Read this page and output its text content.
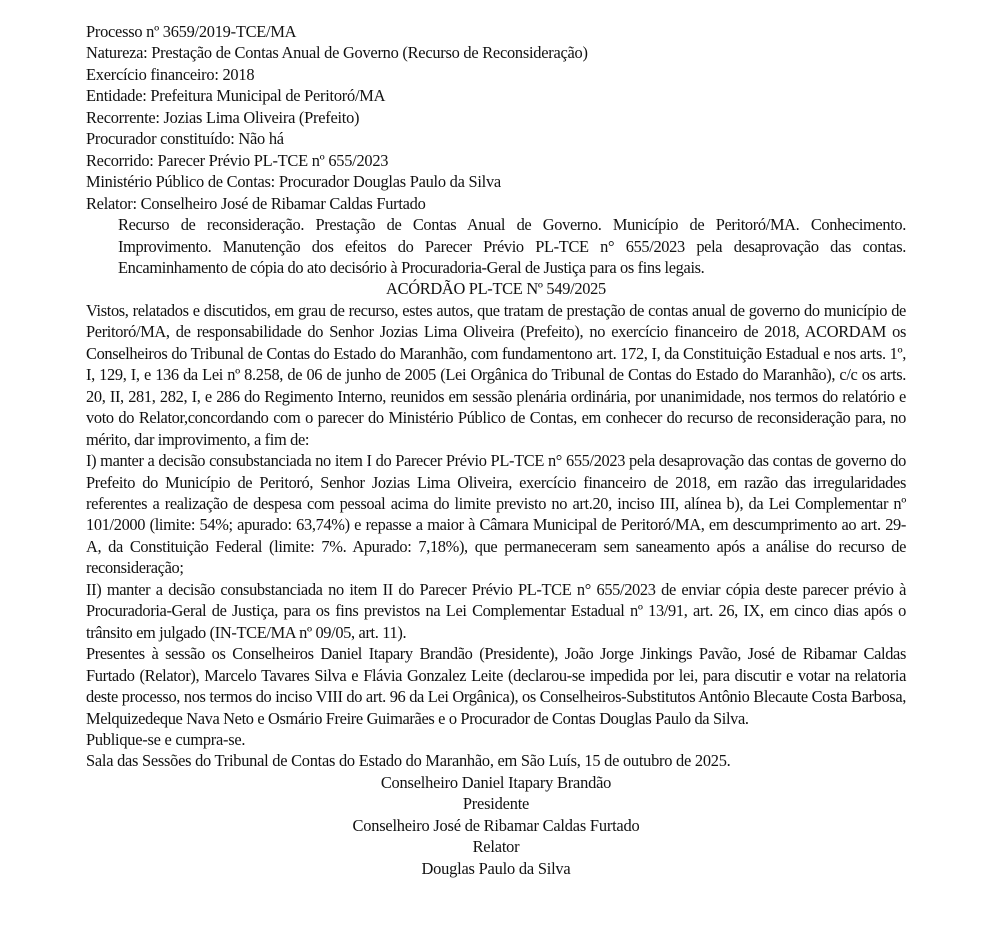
Processo nº 3659/2019-TCE/MA
Natureza: Prestação de Contas Anual de Governo (Recurso de Reconsideração)
Exercício financeiro: 2018
Entidade: Prefeitura Municipal de Peritoró/MA
Recorrente: Jozias Lima Oliveira (Prefeito)
Procurador constituído: Não há
Recorrido: Parecer Prévio PL-TCE nº 655/2023
Ministério Público de Contas: Procurador Douglas Paulo da Silva
Relator: Conselheiro José de Ribamar Caldas Furtado

Recurso de reconsideração. Prestação de Contas Anual de Governo. Município de Peritoró/MA. Conhecimento. Improvimento. Manutenção dos efeitos do Parecer Prévio PL-TCE n° 655/2023 pela desaprovação das contas. Encaminhamento de cópia do ato decisório à Procuradoria-Geral de Justiça para os fins legais.

ACÓRDÃO PL-TCE Nº 549/2025

Vistos, relatados e discutidos, em grau de recurso, estes autos, que tratam de prestação de contas anual de governo do município de Peritoró/MA, de responsabilidade do Senhor Jozias Lima Oliveira (Prefeito), no exercício financeiro de 2018, ACORDAM os Conselheiros do Tribunal de Contas do Estado do Maranhão, com fundamentono art. 172, I, da Constituição Estadual e nos arts. 1º, I, 129, I, e 136 da Lei nº 8.258, de 06 de junho de 2005 (Lei Orgânica do Tribunal de Contas do Estado do Maranhão), c/c os arts. 20, II, 281, 282, I, e 286 do Regimento Interno, reunidos em sessão plenária ordinária, por unanimidade, nos termos do relatório e voto do Relator,concordando com o parecer do Ministério Público de Contas, em conhecer do recurso de reconsideração para, no mérito, dar improvimento, a fim de:

I) manter a decisão consubstanciada no item I do Parecer Prévio PL-TCE n° 655/2023 pela desaprovação das contas de governo do Prefeito do Município de Peritoró, Senhor Jozias Lima Oliveira, exercício financeiro de 2018, em razão das irregularidades referentes a realização de despesa com pessoal acima do limite previsto no art.20, inciso III, alínea b), da Lei Complementar nº 101/2000 (limite: 54%; apurado: 63,74%) e repasse a maior à Câmara Municipal de Peritoró/MA, em descumprimento ao art. 29-A, da Constituição Federal (limite: 7%. Apurado: 7,18%), que permaneceram sem saneamento após a análise do recurso de reconsideração;

II) manter a decisão consubstanciada no item II do Parecer Prévio PL-TCE n° 655/2023 de enviar cópia deste parecer prévio à Procuradoria-Geral de Justiça, para os fins previstos na Lei Complementar Estadual nº 13/91, art. 26, IX, em cinco dias após o trânsito em julgado (IN-TCE/MA nº 09/05, art. 11).

Presentes à sessão os Conselheiros Daniel Itapary Brandão (Presidente), João Jorge Jinkings Pavão, José de Ribamar Caldas Furtado (Relator), Marcelo Tavares Silva e Flávia Gonzalez Leite (declarou-se impedida por lei, para discutir e votar na relatoria deste processo, nos termos do inciso VIII do art. 96 da Lei Orgânica), os Conselheiros-Substitutos Antônio Blecaute Costa Barbosa, Melquizedeque Nava Neto e Osmário Freire Guimarães e o Procurador de Contas Douglas Paulo da Silva.

Publique-se e cumpra-se.
Sala das Sessões do Tribunal de Contas do Estado do Maranhão, em São Luís, 15 de outubro de 2025.
Conselheiro Daniel Itapary Brandão
Presidente
Conselheiro José de Ribamar Caldas Furtado
Relator
Douglas Paulo da Silva
